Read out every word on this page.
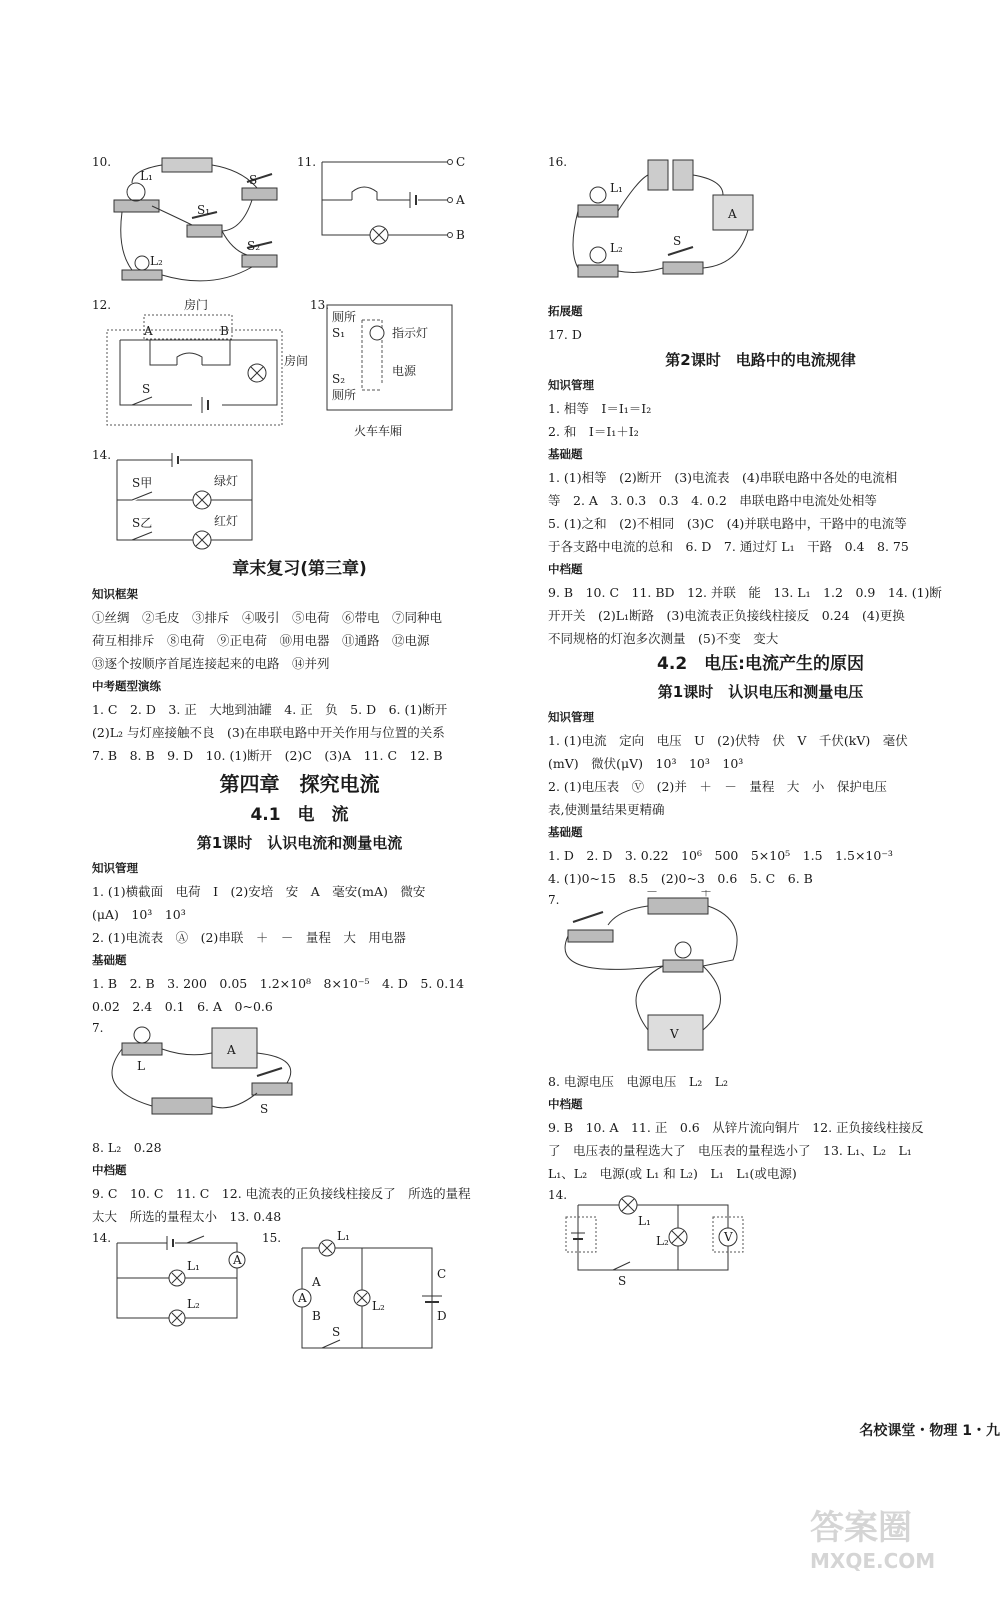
10.
S
S₁
S₂
L₁
L₂
11.	C
A
B
12.	房门
A	B
S
房间
13.
厕所
S₁	指示灯
电源
S₂
厕所
火车车厢
14.
S甲	绿灯
S乙	红灯
章末复习(第三章)
知识框架
①丝绸　②毛皮　③排斥　④吸引　⑤电荷　⑥带电　⑦同种电
荷互相排斥　⑧电荷　⑨正电荷　⑩用电器　⑪通路　⑫电源
⑬逐个按顺序首尾连接起来的电路　⑭并列
中考题型演练
1. C　2. D　3. 正　大地到油罐　4. 正　负　5. D　6. (1)断开
(2)L₂ 与灯座接触不良　(3)在串联电路中开关作用与位置的关系
7. B　8. B　9. D　10. (1)断开　(2)C　(3)A　11. C　12. B
第四章　探究电流
4.1　电　流
第1课时　认识电流和测量电流
知识管理
1. (1)横截面　电荷　I　(2)安培　安　A　毫安(mA)　微安
(μA)　10³　10³
2. (1)电流表　Ⓐ　(2)串联　＋　－　量程　大　用电器
基础题
1. B　2. B　3. 200　0.05　1.2×10⁸　8×10⁻⁵　4. D　5. 0.14
0.02　2.4　0.1　6. A　0~0.6
7.
A
L
S
8. L₂　0.28
中档题
9. C　10. C　11. C　12. 电流表的正负接线柱接反了　所选的量程
太大　所选的量程太小　13. 0.48
14.
A
L₁
L₂
15.
A
L₁
L₂
A
B
C
D
S
16.
A
L₁
L₂	S
拓展题
17. D
第2课时　电路中的电流规律
知识管理
1. 相等　I＝I₁＝I₂
2. 和　I＝I₁＋I₂
基础题
1. (1)相等　(2)断开　(3)电流表　(4)串联电路中各处的电流相
等　2. A　3. 0.3　0.3　4. 0.2　串联电路中电流处处相等
5. (1)之和　(2)不相同　(3)C　(4)并联电路中，干路中的电流等
于各支路中电流的总和　6. D　7. 通过灯 L₁　干路　0.4　8. 75
中档题
9. B　10. C　11. BD　12. 并联　能　13. L₁　1.2　0.9　14. (1)断
开开关　(2)L₁断路　(3)电流表正负接线柱接反　0.24　(4)更换
不同规格的灯泡多次测量　(5)不变　变大
4.2　电压:电流产生的原因
第1课时　认识电压和测量电压
知识管理
1. (1)电流　定向　电压　U　(2)伏特　伏　V　千伏(kV)　毫伏
(mV)　微伏(μV)　10³　10³　10³
2. (1)电压表　Ⓥ　(2)并　＋　－　量程　大　小　保护电压
表,使测量结果更精确
基础题
1. D　2. D　3. 0.22　10⁶　500　5×10⁵　1.5　1.5×10⁻³
4. (1)0~15　8.5　(2)0~3　0.6　5. C　6. B
7.
－	＋
V
8. 电源电压　电源电压　L₂　L₂
中档题
9. B　10. A　11. 正　0.6　从锌片流向铜片　12. 正负接线柱接反
了　电压表的量程选大了　电压表的量程选小了　13. L₁、L₂　L₁
L₁、L₂　电源(或 L₁ 和 L₂)　L₁　L₁(或电源)
14.
V
L₁
L₂
S
名校课堂・物理 1・九
答案圈
MXQE.COM
